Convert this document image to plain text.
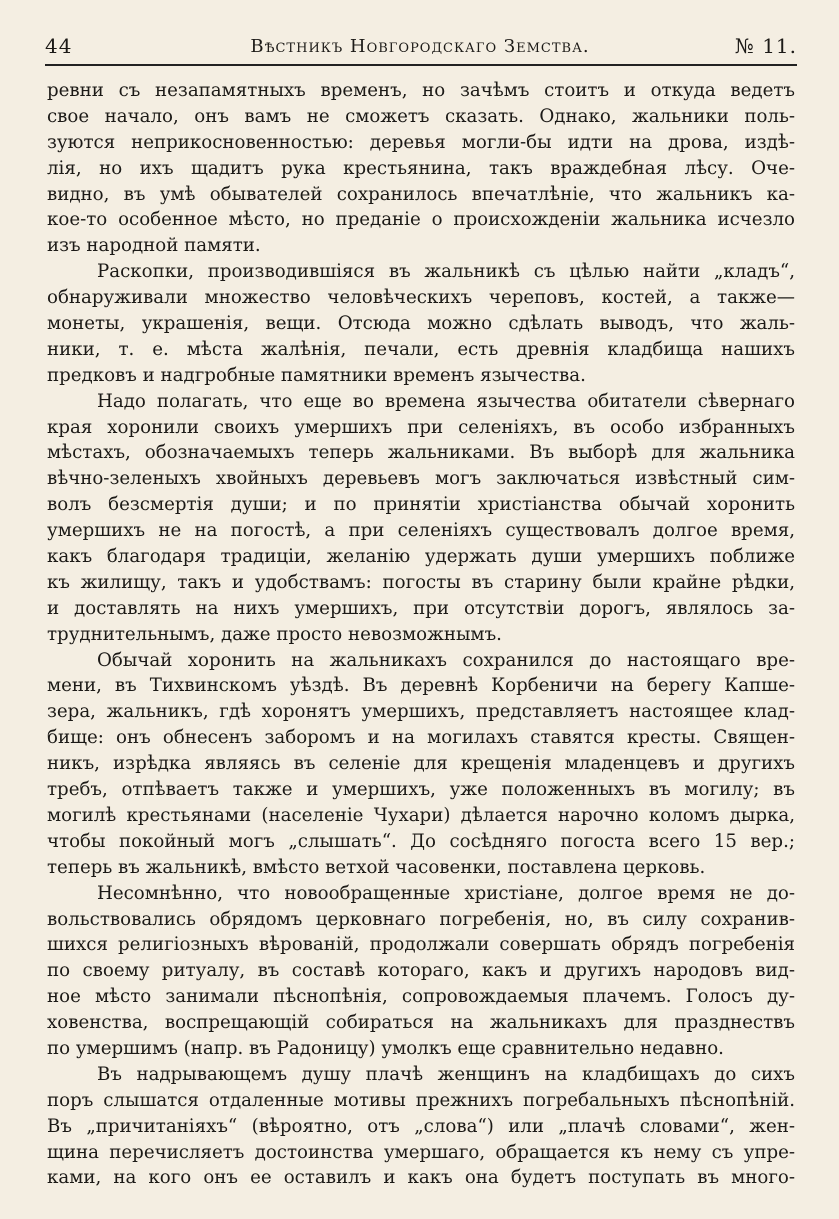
44	Вѣстникъ Новгородскаго Земства.	№ 11.
ревни съ незапамятныхъ временъ, но зачѣмъ стоитъ и откуда ведетъ
свое начало, онъ вамъ не сможетъ сказать. Однако, жальники поль-
зуются неприкосновенностью: деревья могли-бы идти на дрова, издѣ-
лія, но ихъ щадитъ рука крестьянина, такъ враждебная лѣсу. Оче-
видно, въ умѣ обывателей сохранилось впечатлѣніе, что жальникъ ка-
кое-то особенное мѣсто, но преданіе о происхожденіи жальника исчезло
изъ народной памяти.
Раскопки, производившіяся въ жальникѣ съ цѣлью найти „кладъ“,
обнаруживали множество человѣческихъ череповъ, костей, а также—
монеты, украшенія, вещи. Отсюда можно сдѣлать выводъ, что жаль-
ники, т. е. мѣста жалѣнія, печали, есть древнія кладбища нашихъ
предковъ и надгробные памятники временъ язычества.
Надо полагать, что еще во времена язычества обитатели сѣвернаго
края хоронили своихъ умершихъ при селеніяхъ, въ особо избранныхъ
мѣстахъ, обозначаемыхъ теперь жальниками. Въ выборѣ для жальника
вѣчно-зеленыхъ хвойныхъ деревьевъ могъ заключаться извѣстный сим-
волъ безсмертія души; и по принятіи христіанства обычай хоронить
умершихъ не на погостѣ, а при селеніяхъ существовалъ долгое время,
какъ благодаря традиціи, желанію удержать души умершихъ поближе
къ жилищу, такъ и удобствамъ: погосты въ старину были крайне рѣдки,
и доставлять на нихъ умершихъ, при отсутствіи дорогъ, являлось за-
труднительнымъ, даже просто невозможнымъ.
Обычай хоронить на жальникахъ сохранился до настоящаго вре-
мени, въ Тихвинскомъ уѣздѣ. Въ деревнѣ Корбеничи на берегу Капше-
зера, жальникъ, гдѣ хоронятъ умершихъ, представляетъ настоящее клад-
бище: онъ обнесенъ заборомъ и на могилахъ ставятся кресты. Священ-
никъ, изрѣдка являясь въ селеніе для крещенія младенцевъ и другихъ
требъ, отпѣваетъ также и умершихъ, уже положенныхъ въ могилу; въ
могилѣ крестьянами (населеніе Чухари) дѣлается нарочно коломъ дырка,
чтобы покойный могъ „слышать“. До сосѣдняго погоста всего 15 вер.;
теперь въ жальникѣ, вмѣсто ветхой часовенки, поставлена церковь.
Несомнѣнно, что новообращенные христіане, долгое время не до-
вольствовались обрядомъ церковнаго погребенія, но, въ силу сохранив-
шихся религіозныхъ вѣрованій, продолжали совершать обрядъ погребенія
по своему ритуалу, въ составѣ котораго, какъ и другихъ народовъ вид-
ное мѣсто занимали пѣснопѣнія, сопровождаемыя плачемъ. Голосъ ду-
ховенства, воспрещающій собираться на жальникахъ для празднествъ
по умершимъ (напр. въ Радоницу) умолкъ еще сравнительно недавно.
Въ надрывающемъ душу плачѣ женщинъ на кладбищахъ до сихъ
поръ слышатся отдаленные мотивы прежнихъ погребальныхъ пѣснопѣній.
Въ „причитаніяхъ“ (вѣроятно, отъ „слова“) или „плачѣ словами“, жен-
щина перечисляетъ достоинства умершаго, обращается къ нему съ упре-
ками, на кого онъ ее оставилъ и какъ она будетъ поступать въ много-
